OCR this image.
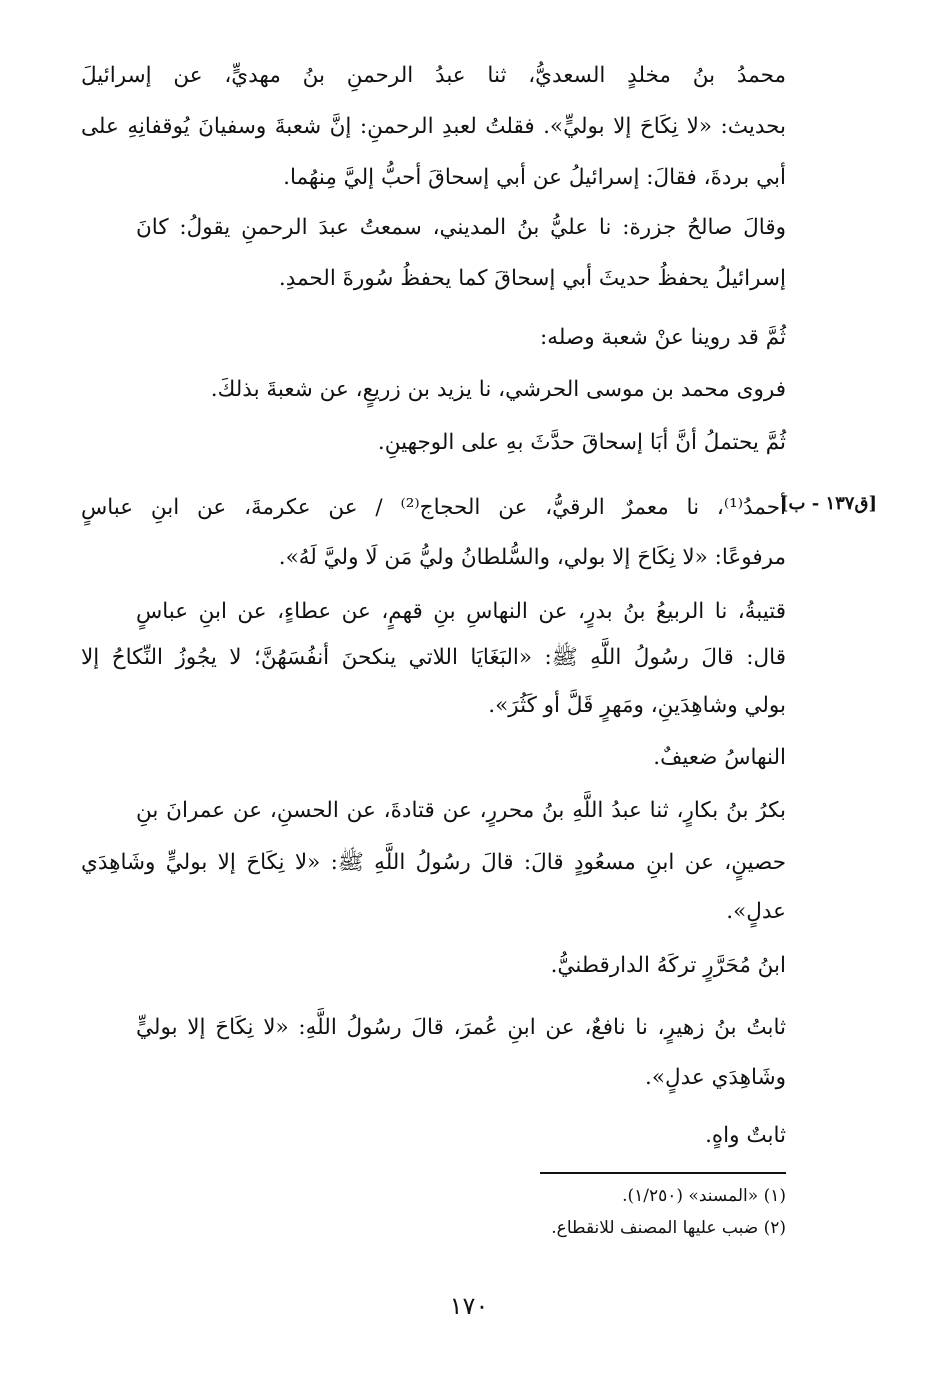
محمدُ بنُ مخلدٍ السعديُّ، ثنا عبدُ الرحمنِ بنُ مهديٍّ، عن إسرائيلَ
بحديث: «لا نِكَاحَ إلا بوليٍّ». فقلتُ لعبدِ الرحمنِ: إنَّ شعبةَ وسفيانَ يُوقفانِهِ على
أبي بردةَ، فقالَ: إسرائيلُ عن أبي إسحاقَ أحبُّ إليَّ مِنهُما.
وقالَ صالحُ جزرة: نا عليُّ بنُ المديني، سمعتُ عبدَ الرحمنِ يقولُ: كانَ
إسرائيلُ يحفظُ حديثَ أبي إسحاقَ كما يحفظُ سُورةَ الحمدِ.
ثُمَّ قد روينا عنْ شعبة وصله:
فروى محمد بن موسى الحرشي، نا يزيد بن زريعٍ، عن شعبةَ بذلكَ.
ثُمَّ يحتملُ أنَّ أبَا إسحاقَ حدَّثَ بهِ على الوجهينِ.
[ق۱۳۷ - ب]
أحمدُ⁽¹⁾، نا معمرٌ الرقيُّ، عن الحجاج⁽²⁾ / عن عكرمةَ، عن ابنِ عباسٍ
مرفوعًا: «لا نِكَاحَ إلا بولي، والسُّلطانُ وليُّ مَن لَا وليَّ لَهُ».
قتيبةُ، نا الربيعُ بنُ بدرٍ، عن النهاسِ بنِ قهمٍ، عن عطاءٍ، عن ابنِ عباسٍ
قال: قالَ رسُولُ اللَّهِ ﷺ: «البَغَايَا اللاتي ينكحنَ أنفُسَهُنَّ؛ لا يجُوزُ النِّكاحُ إلا
بولي وشاهِدَينِ، ومَهرٍ قَلَّ أو كَثُرَ».
النهاسُ ضعيفٌ.
بكرُ بنُ بكارٍ، ثنا عبدُ اللَّهِ بنُ محررٍ، عن قتادةَ، عن الحسنِ، عن عمرانَ بنِ
حصينٍ، عن ابنِ مسعُودٍ قالَ: قالَ رسُولُ اللَّهِ ﷺ: «لا نِكَاحَ إلا بوليٍّ وشَاهِدَي
عدلٍ».
ابنُ مُحَرَّرٍ تركَهُ الدارقطنيُّ.
ثابتُ بنُ زهيرٍ، نا نافعٌ، عن ابنِ عُمرَ، قالَ رسُولُ اللَّهِ: «لا نِكَاحَ إلا بوليٍّ
وشَاهِدَي عدلٍ».
ثابتٌ واهٍ.
(١) «المسند» (١/٢٥٠).
(٢) ضبب عليها المصنف للانقطاع.
١٧٠
